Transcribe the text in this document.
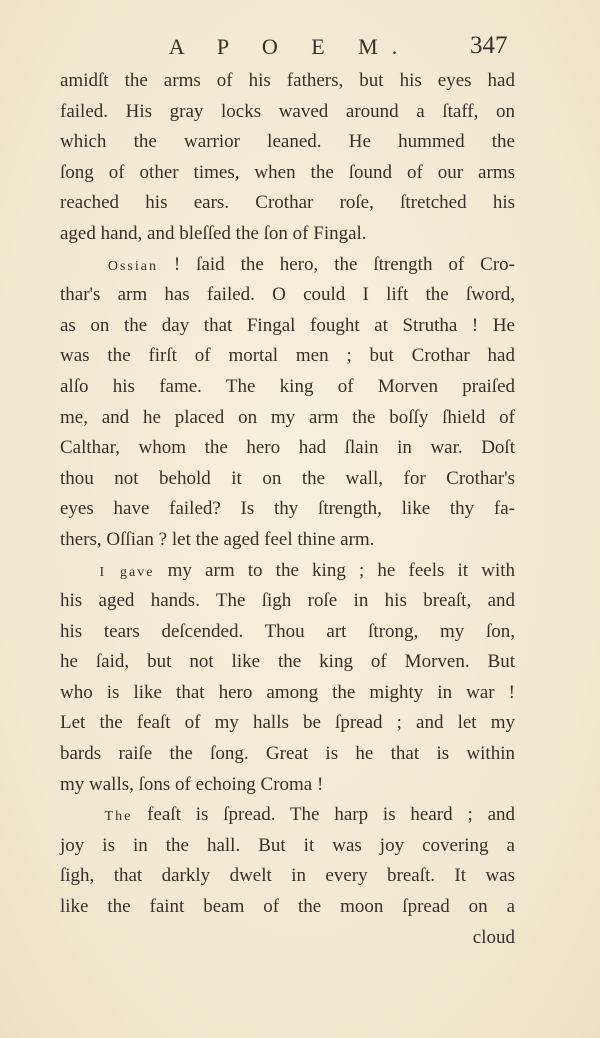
A P O E M.	347
amidſt the arms of his fathers, but his eyes had
failed. His gray locks waved around a ſtaff, on
which the warrior leaned. He hummed the
ſong of other times, when the ſound of our arms
reached his ears. Crothar roſe, ſtretched his
aged hand, and bleſſed the ſon of Fingal.
Ossian ! ſaid the hero, the ſtrength of Cro-
thar's arm has failed. O could I lift the ſword,
as on the day that Fingal fought at Strutha ! He
was the firſt of mortal men ; but Crothar had
alſo his fame. The king of Morven praiſed
me, and he placed on my arm the boſſy ſhield of
Calthar, whom the hero had ſlain in war. Doſt
thou not behold it on the wall, for Crothar's
eyes have failed? Is thy ſtrength, like thy fa-
thers, Oſſian ? let the aged feel thine arm.
I gave my arm to the king ; he feels it with
his aged hands. The ſigh roſe in his breaſt, and
his tears deſcended. Thou art ſtrong, my ſon,
he ſaid, but not like the king of Morven. But
who is like that hero among the mighty in war !
Let the feaſt of my halls be ſpread ; and let my
bards raiſe the ſong. Great is he that is within
my walls, ſons of echoing Croma !
The feaſt is ſpread. The harp is heard ; and
joy is in the hall. But it was joy covering a
ſigh, that darkly dwelt in every breaſt. It was
like the faint beam of the moon ſpread on a
cloud
